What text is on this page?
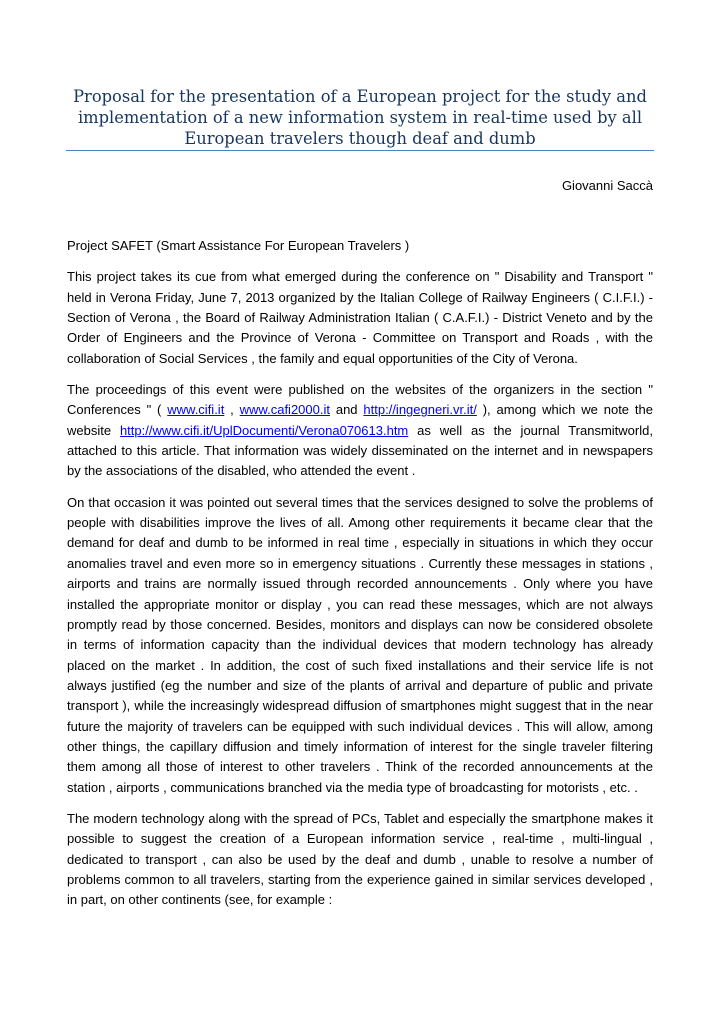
Proposal for the presentation of a European project for the study and
implementation of a new information system in real-time used by all
European travelers though deaf and dumb
Giovanni Saccà

Project SAFET (Smart Assistance For European Travelers )

This project takes its cue from what emerged during the conference on " Disability and Transport " held in Verona Friday, June 7, 2013 organized by the Italian College of Railway Engineers ( C.I.F.I.) - Section of Verona , the Board of Railway Administration Italian ( C.A.F.I.) - District Veneto and by the Order of Engineers and the Province of Verona - Committee on Transport and Roads , with the collaboration of Social Services , the family and equal opportunities of the City of Verona.

The proceedings of this event were published on the websites of the organizers in the section " Conferences " ( www.cifi.it , www.cafi2000.it and http://ingegneri.vr.it/ ), among which we note the website http://www.cifi.it/UplDocumenti/Verona070613.htm as well as the journal Transmitworld, attached to this article. That information was widely disseminated on the internet and in newspapers by the associations of the disabled, who attended the event .

On that occasion it was pointed out several times that the services designed to solve the problems of people with disabilities improve the lives of all. Among other requirements it became clear that the demand for deaf and dumb to be informed in real time , especially in situations in which they occur anomalies travel and even more so in emergency situations . Currently these messages in stations , airports and trains are normally issued through recorded announcements . Only where you have installed the appropriate monitor or display , you can read these messages, which are not always promptly read by those concerned. Besides, monitors and displays can now be considered obsolete in terms of information capacity than the individual devices that modern technology has already placed on the market . In addition, the cost of such fixed installations and their service life is not always justified (eg the number and size of the plants of arrival and departure of public and private transport ), while the increasingly widespread diffusion of smartphones might suggest that in the near future the majority of travelers can be equipped with such individual devices . This will allow, among other things, the capillary diffusion and timely information of interest for the single traveler filtering them among all those of interest to other travelers . Think of the recorded announcements at the station , airports , communications branched via the media type of broadcasting for motorists , etc. .

The modern technology along with the spread of PCs, Tablet and especially the smartphone makes it possible to suggest the creation of a European information service , real-time , multi-lingual , dedicated to transport , can also be used by the deaf and dumb , unable to resolve a number of problems common to all travelers, starting from the experience gained in similar services developed , in part, on other continents (see, for example :
